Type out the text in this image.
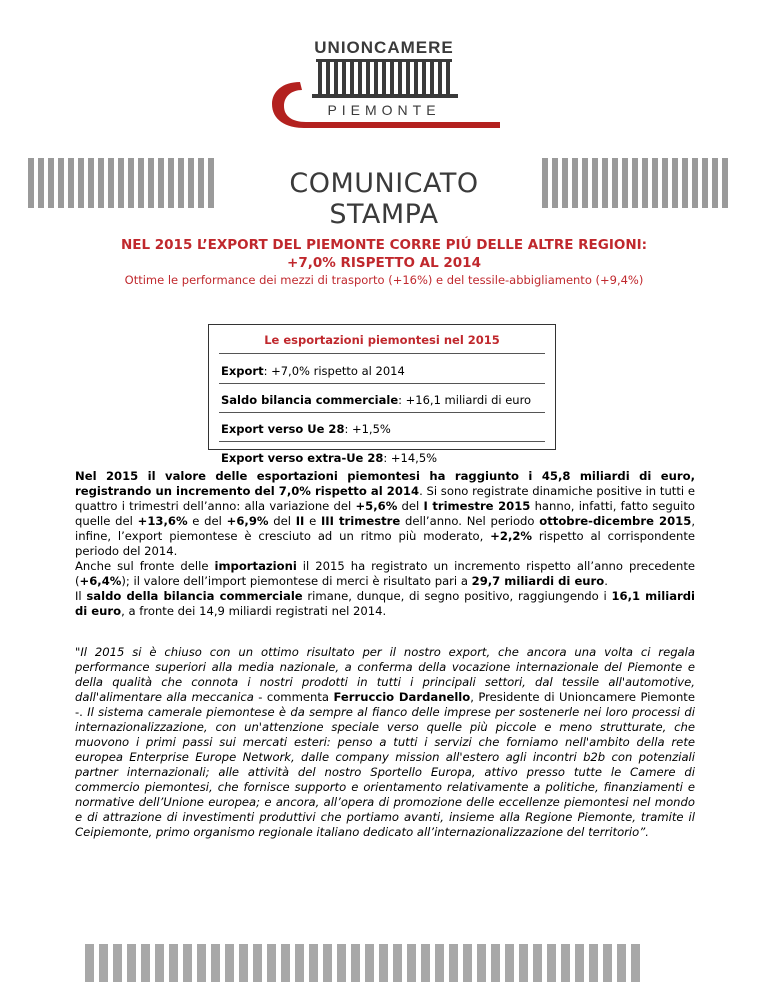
UNIONCAMERE
PIEMONTE
COMUNICATO STAMPA
NEL 2015 L’EXPORT DEL PIEMONTE CORRE PIÚ DELLE ALTRE REGIONI:
+7,0% RISPETTO AL 2014
Ottime le performance dei mezzi di trasporto (+16%) e del tessile-abbigliamento (+9,4%)
Le esportazioni piemontesi nel 2015
Export: +7,0% rispetto al 2014
Saldo bilancia commerciale: +16,1 miliardi di euro
Export verso Ue 28: +1,5%
Export verso extra-Ue 28: +14,5%

Nel 2015 il valore delle esportazioni piemontesi ha raggiunto i 45,8 miliardi di euro, registrando un incremento del 7,0% rispetto al 2014. Si sono registrate dinamiche positive in tutti e quattro i trimestri dell’anno: alla variazione del +5,6% del I trimestre 2015 hanno, infatti, fatto seguito quelle del +13,6% e del +6,9% del II e III trimestre dell’anno. Nel periodo ottobre-dicembre 2015, infine, l’export piemontese è cresciuto ad un ritmo più moderato, +2,2% rispetto al corrispondente periodo del 2014.

Anche sul fronte delle importazioni il 2015 ha registrato un incremento rispetto all’anno precedente (+6,4%); il valore dell’import piemontese di merci è risultato pari a 29,7 miliardi di euro.

Il saldo della bilancia commerciale rimane, dunque, di segno positivo, raggiungendo i 16,1 miliardi di euro, a fronte dei 14,9 miliardi registrati nel 2014.

"Il 2015 si è chiuso con un ottimo risultato per il nostro export, che ancora una volta ci regala performance superiori alla media nazionale, a conferma della vocazione internazionale del Piemonte e della qualità che connota i nostri prodotti in tutti i principali settori, dal tessile all'automotive, dall'alimentare alla meccanica - commenta Ferruccio Dardanello, Presidente di Unioncamere Piemonte -. Il sistema camerale piemontese è da sempre al fianco delle imprese per sostenerle nei loro processi di internazionalizzazione, con un'attenzione speciale verso quelle più piccole e meno strutturate, che muovono i primi passi sui mercati esteri: penso a tutti i servizi che forniamo nell'ambito della rete europea Enterprise Europe Network, dalle company mission all'estero agli incontri b2b con potenziali partner internazionali; alle attività del nostro Sportello Europa, attivo presso tutte le Camere di commercio piemontesi, che fornisce supporto e orientamento relativamente a politiche, finanziamenti e normative dell’Unione europea; e ancora, all’opera di promozione delle eccellenze piemontesi nel mondo e di attrazione di investimenti produttivi che portiamo avanti, insieme alla Regione Piemonte, tramite il Ceipiemonte, primo organismo regionale italiano dedicato all’internazionalizzazione del territorio”.
